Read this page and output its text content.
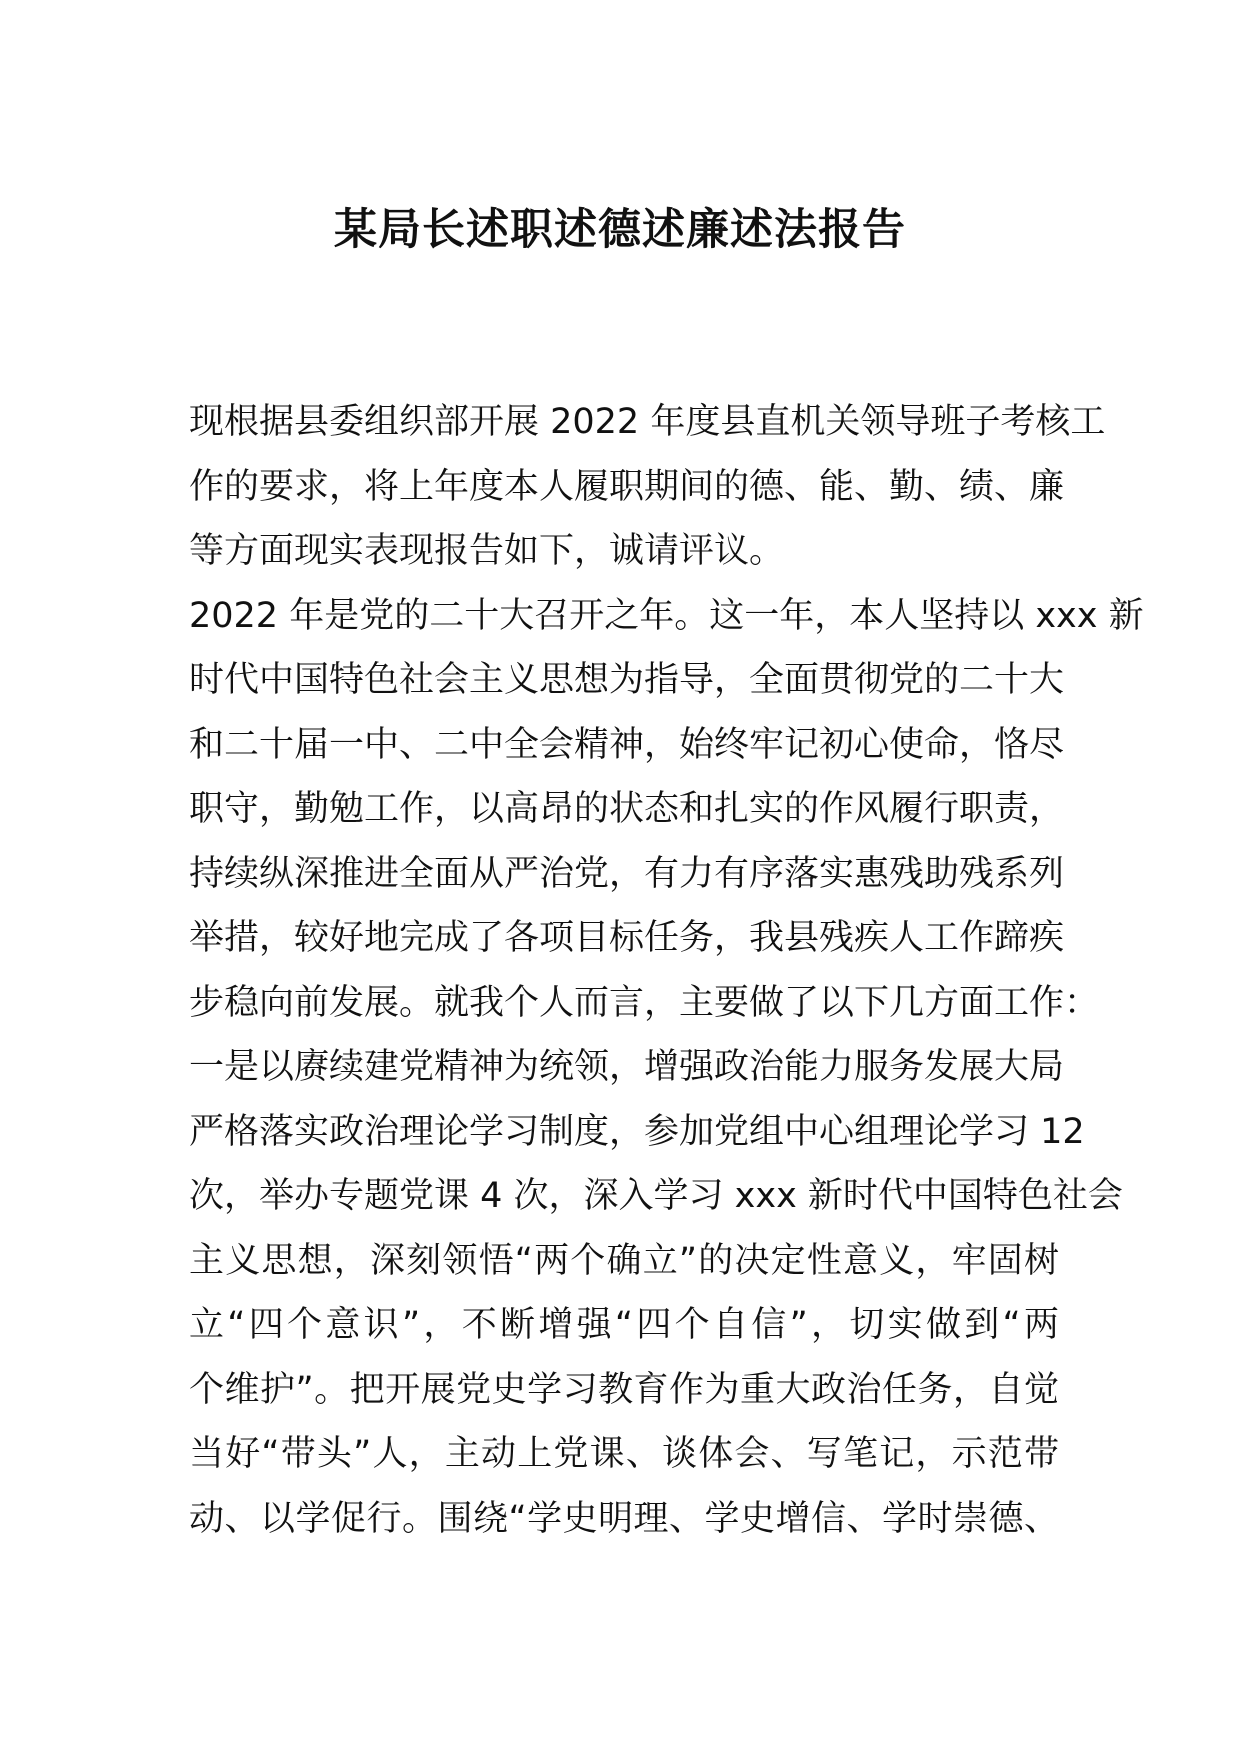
某局长述职述德述廉述法报告
现根据县委组织部开展 2022 年度县直机关领导班子考核工
作的要求，将上年度本人履职期间的德、能、勤、绩、廉
等方面现实表现报告如下，诚请评议。
2022 年是党的二十大召开之年。这一年，本人坚持以 xxx 新
时代中国特色社会主义思想为指导，全面贯彻党的二十大
和二十届一中、二中全会精神，始终牢记初心使命，恪尽
职守，勤勉工作，以高昂的状态和扎实的作风履行职责，
持续纵深推进全面从严治党，有力有序落实惠残助残系列
举措，较好地完成了各项目标任务，我县残疾人工作蹄疾
步稳向前发展。就我个人而言，主要做了以下几方面工作：
一是以赓续建党精神为统领，增强政治能力服务发展大局
严格落实政治理论学习制度，参加党组中心组理论学习 12
次，举办专题党课 4 次，深入学习 xxx 新时代中国特色社会
主义思想，深刻领悟“两个确立”的决定性意义，牢固树
立“四个意识”，不断增强“四个自信”，切实做到“两
个维护”。把开展党史学习教育作为重大政治任务，自觉
当好“带头”人，主动上党课、谈体会、写笔记，示范带
动、以学促行。围绕“学史明理、学史增信、学时崇德、
